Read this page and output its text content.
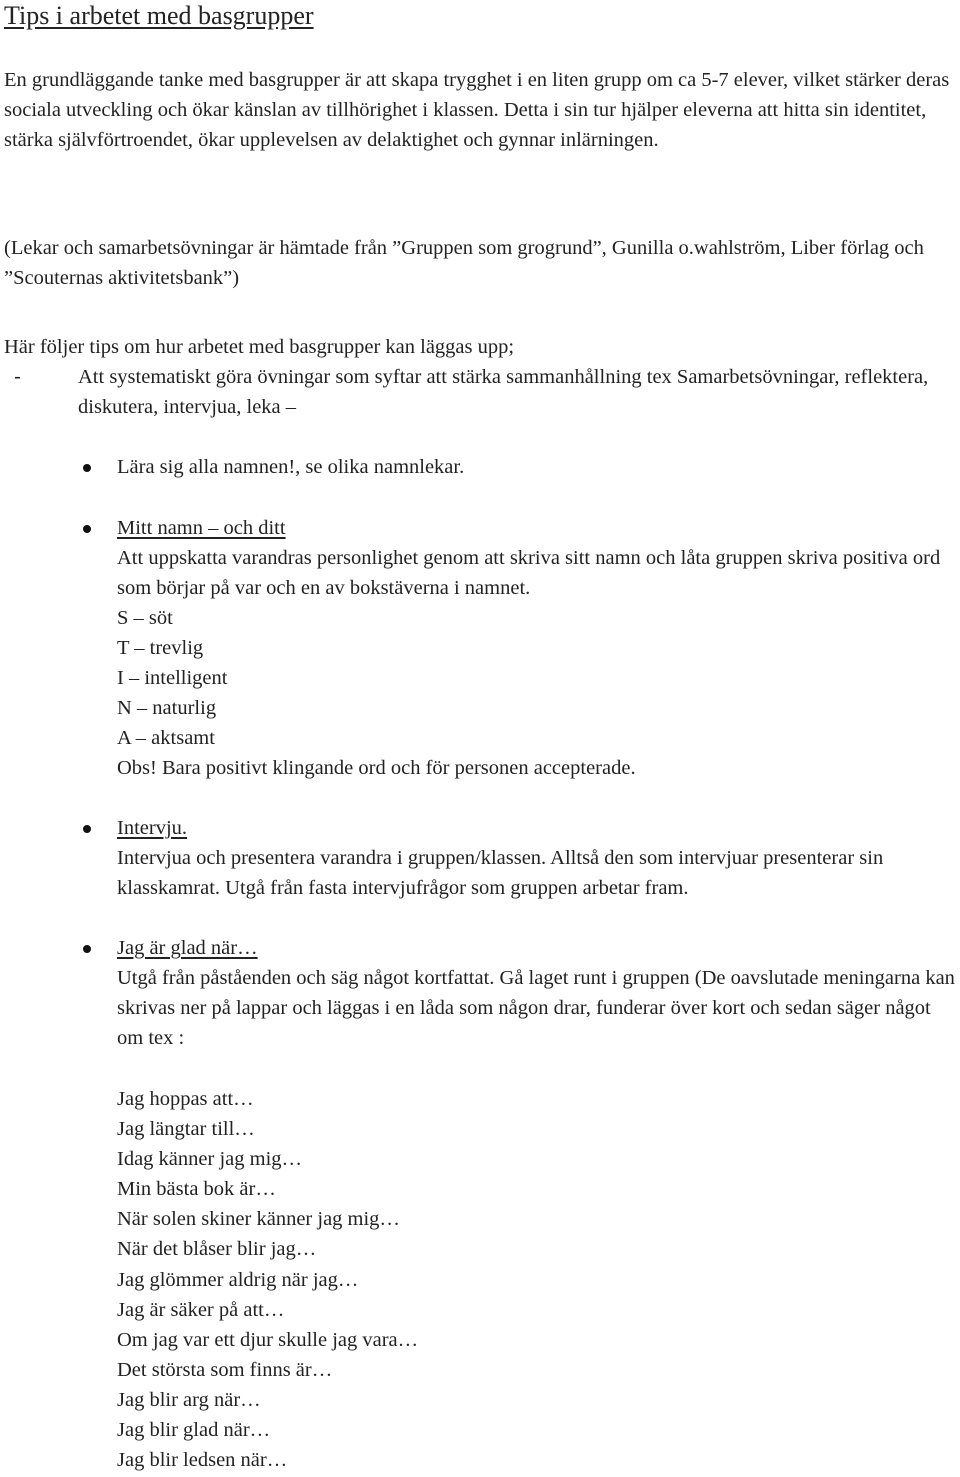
Tips i arbetet med basgrupper

En grundläggande tanke med basgrupper är att skapa trygghet i en liten grupp om ca 5-7 elever, vilket stärker deras sociala utveckling och ökar känslan av tillhörighet i klassen. Detta i sin tur hjälper eleverna att hitta sin identitet, stärka självförtroendet, ökar upplevelsen av delaktighet och gynnar inlärningen.

(Lekar och samarbetsövningar är hämtade från ”Gruppen som grogrund”, Gunilla o.wahlström, Liber förlag och ”Scouternas aktivitetsbank”)

Här följer tips om hur arbetet med basgrupper kan läggas upp;

-	Att systematiskt göra övningar som syftar att stärka sammanhållning tex Samarbetsövningar, reflektera, diskutera, intervjua, leka –
Lära sig alla namnen!, se olika namnlekar.
Mitt namn – och ditt
Att uppskatta varandras personlighet genom att skriva sitt namn och låta gruppen skriva positiva ord som börjar på var och en av bokstäverna i namnet.
S – söt
T – trevlig
I – intelligent
N – naturlig
A – aktsamt
Obs! Bara positivt klingande ord och för personen accepterade.
Intervju.
Intervjua och presentera varandra i gruppen/klassen. Alltså den som intervjuar presenterar sin klasskamrat. Utgå från fasta intervjufrågor som gruppen arbetar fram.
Jag är glad när…
Utgå från påståenden och säg något kortfattat. Gå laget runt i gruppen (De oavslutade meningarna kan skrivas ner på lappar och läggas i en låda som någon drar, funderar över kort och sedan säger något om tex :
Jag hoppas att…
Jag längtar till…
Idag känner jag mig…
Min bästa bok är…
När solen skiner känner jag mig…
När det blåser blir jag…
Jag glömmer aldrig när jag…
Jag är säker på att…
Om jag var ett djur skulle jag vara…
Det största som finns är…
Jag blir arg när…
Jag blir glad när…
Jag blir ledsen när…
